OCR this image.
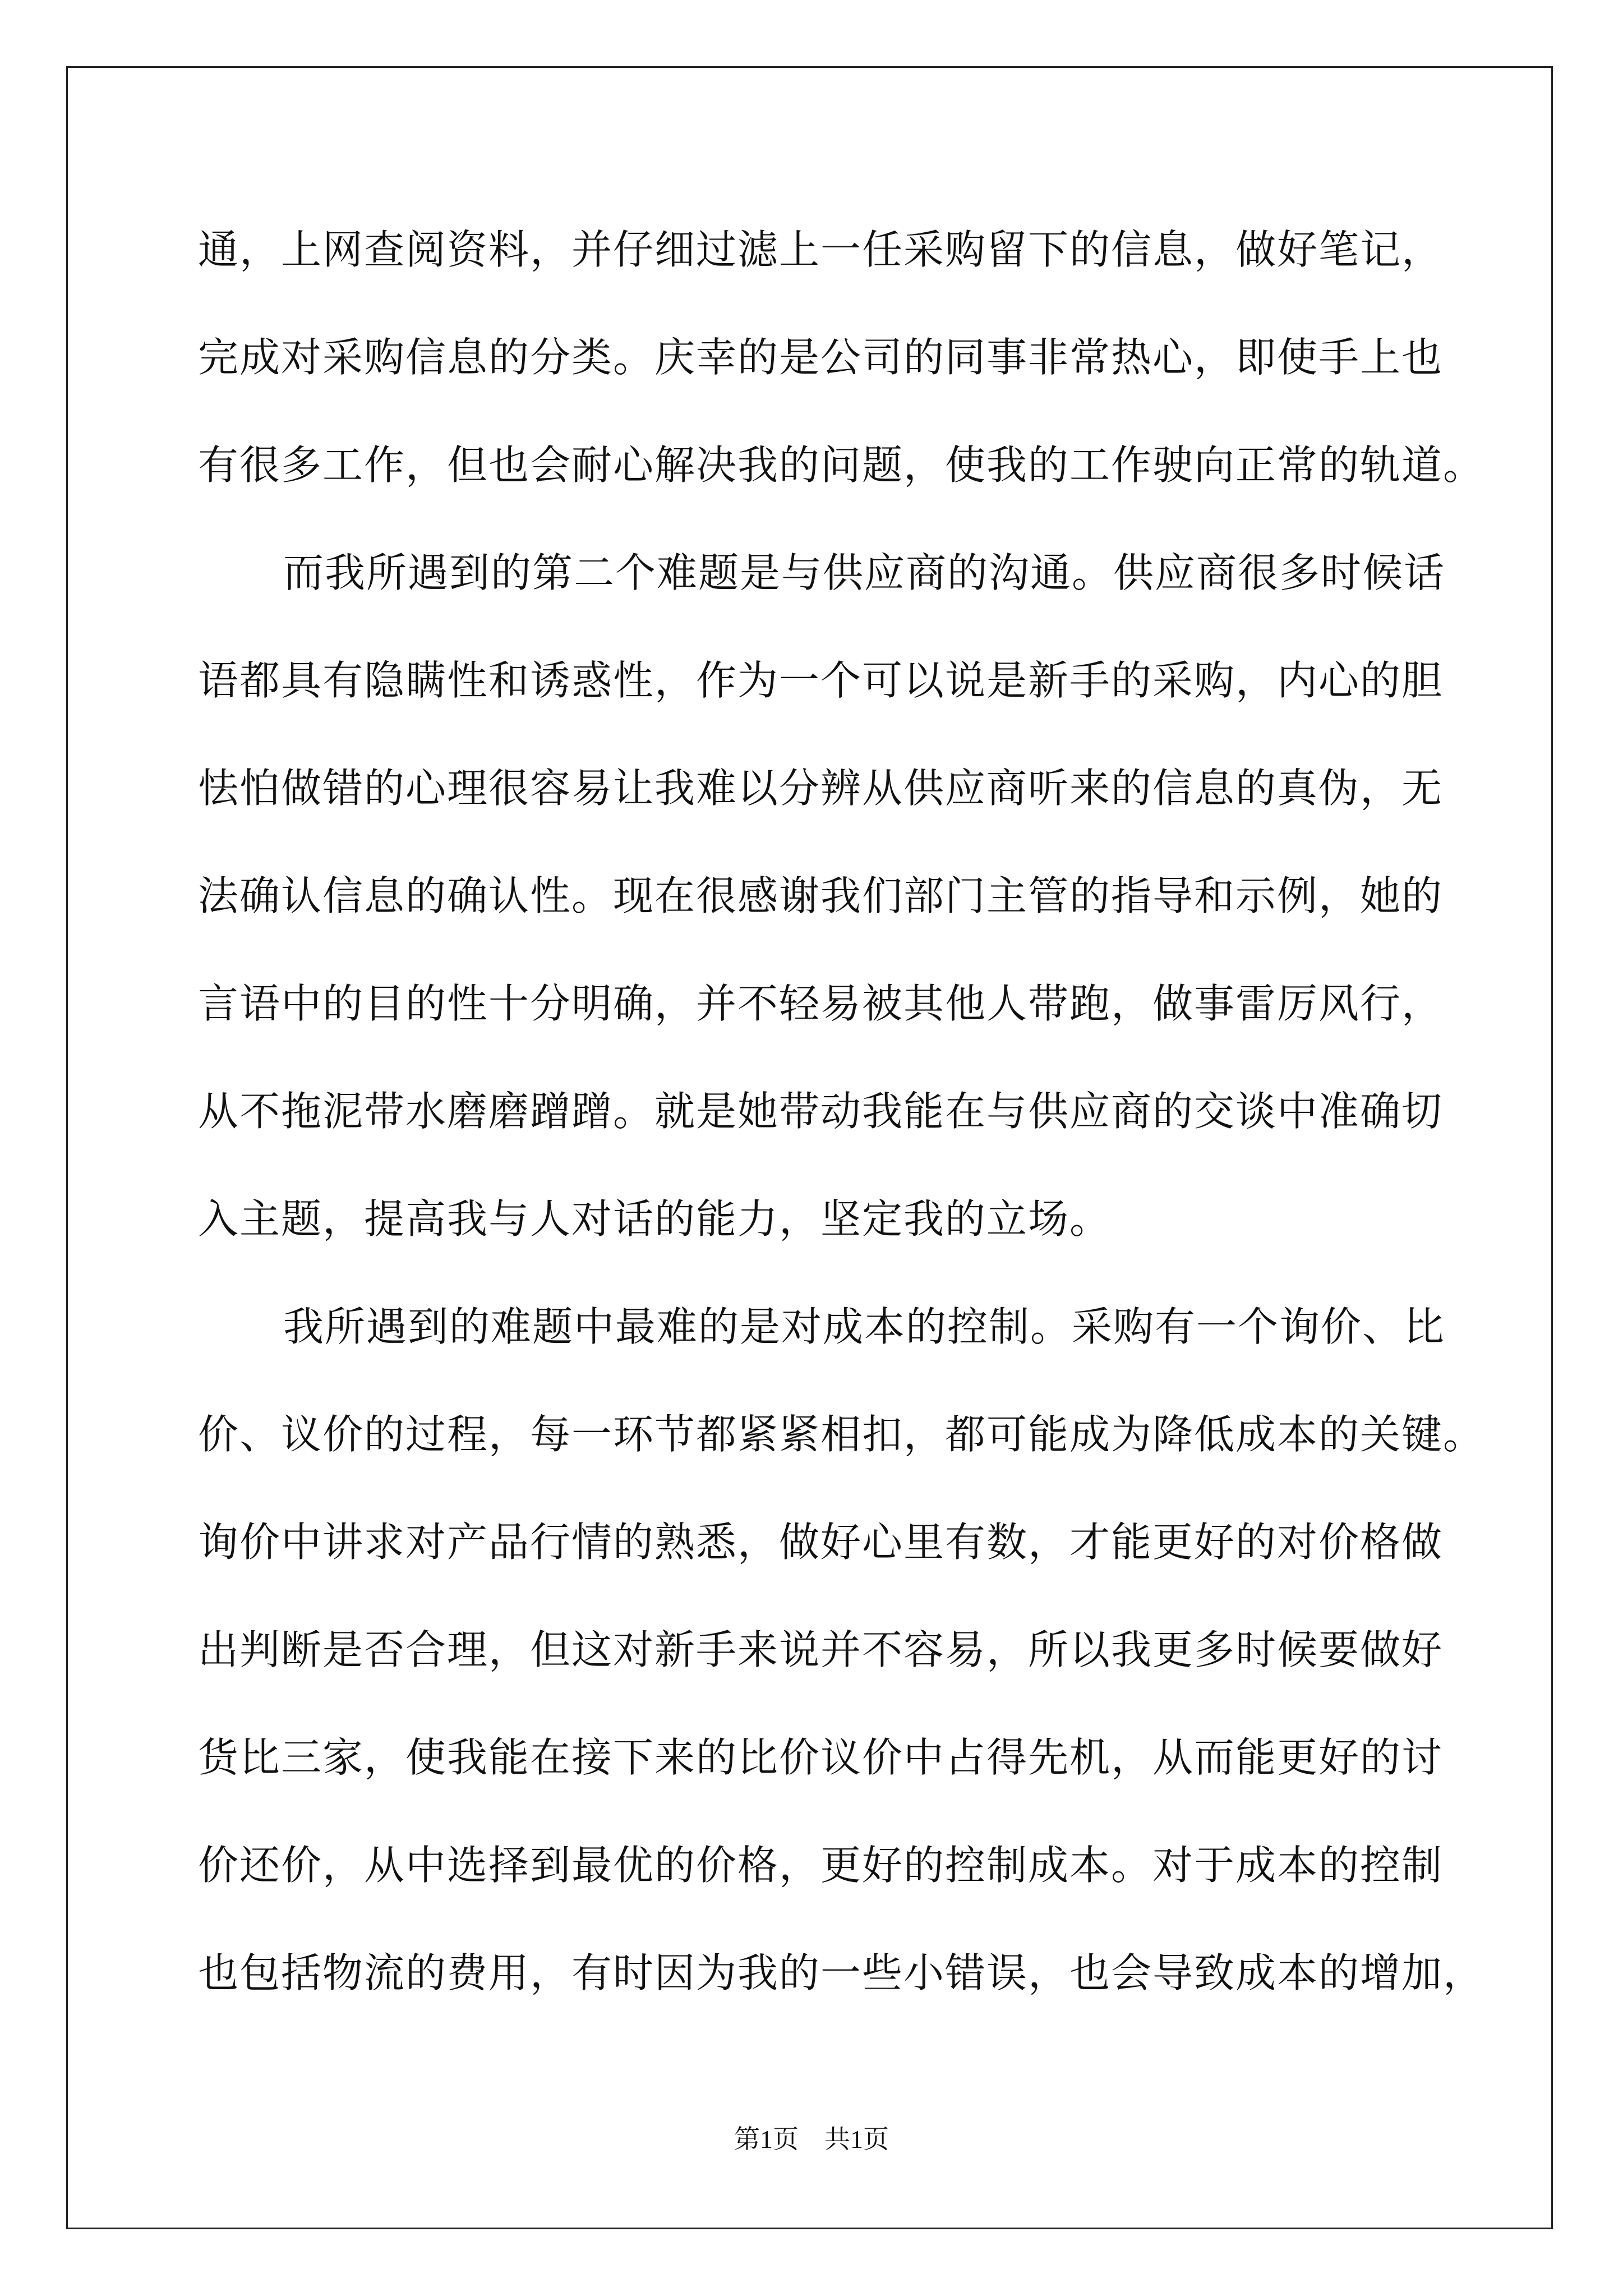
通，上网查阅资料，并仔细过滤上一任采购留下的信息，做好笔记，
完成对采购信息的分类。庆幸的是公司的同事非常热心，即使手上也
有很多工作，但也会耐心解决我的问题，使我的工作驶向正常的轨道。
而我所遇到的第二个难题是与供应商的沟通。供应商很多时候话
语都具有隐瞒性和诱惑性，作为一个可以说是新手的采购，内心的胆
怯怕做错的心理很容易让我难以分辨从供应商听来的信息的真伪，无
法确认信息的确认性。现在很感谢我们部门主管的指导和示例，她的
言语中的目的性十分明确，并不轻易被其他人带跑，做事雷厉风行，
从不拖泥带水磨磨蹭蹭。就是她带动我能在与供应商的交谈中准确切
入主题，提高我与人对话的能力，坚定我的立场。
我所遇到的难题中最难的是对成本的控制。采购有一个询价、比
价、议价的过程，每一环节都紧紧相扣，都可能成为降低成本的关键。
询价中讲求对产品行情的熟悉，做好心里有数，才能更好的对价格做
出判断是否合理，但这对新手来说并不容易，所以我更多时候要做好
货比三家，使我能在接下来的比价议价中占得先机，从而能更好的讨
价还价，从中选择到最优的价格，更好的控制成本。对于成本的控制
也包括物流的费用，有时因为我的一些小错误，也会导致成本的增加，
第1页　共1页
